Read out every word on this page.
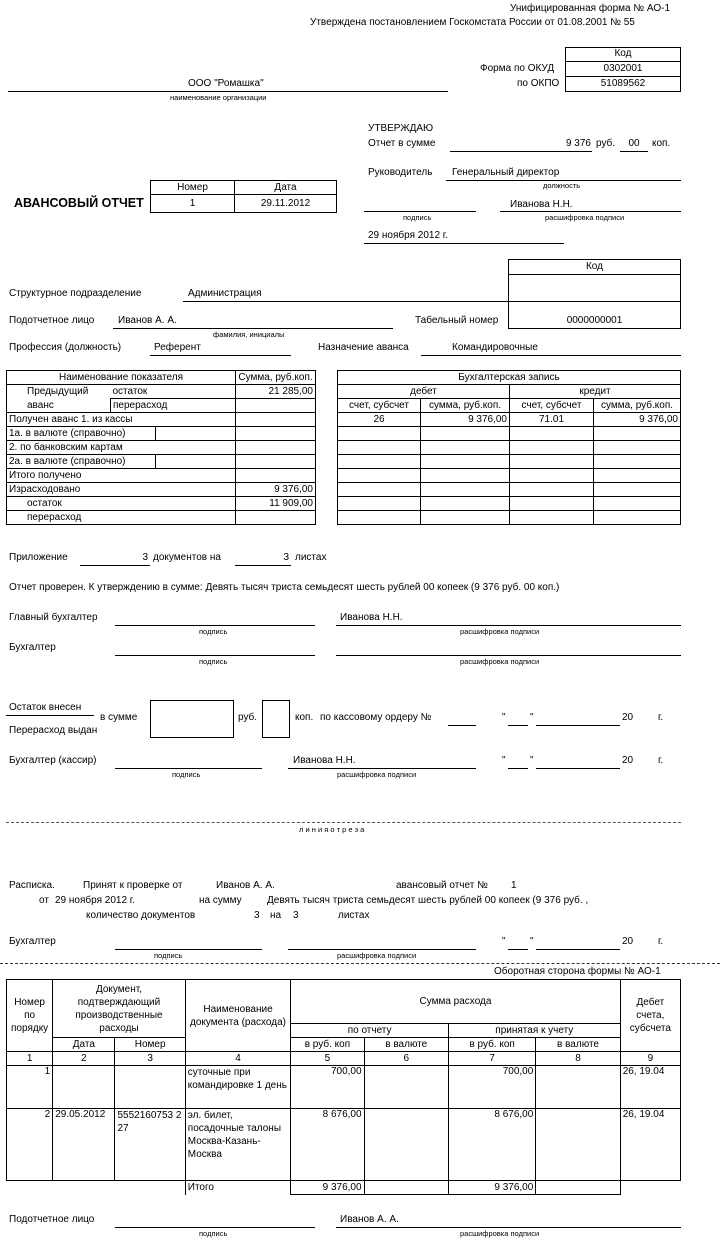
Унифицированная форма № АО-1
Утверждена постановлением Госкомстата России от 01.08.2001 № 55
Код
Форма по ОКУД	0302001
по ОКПО	51089562
ООО "Ромашка"
наименование организации
УТВЕРЖДАЮ
Отчет в сумме	9 376 руб.	00	коп.
Руководитель Генеральный директор
должность
Иванова Н.Н.
подпись	расшифровка подписи
29 ноября 2012 г.
АВАНСОВЫЙ ОТЧЕТ
Номер	Дата
1	29.11.2012
Код
Структурное подразделение	Администрация
Подотчетное лицо Иванов А. А.
фамилия, инициалы
Табельный номер	0000000001
Профессия (должность)	Референт	Назначение аванса	Командировочные
Наименование показателя			Сумма, руб.коп.
Предыдущий	остаток		21 285,00
аванс	перерасход		
Получен аванс 1. из кассы			
1а. в валюте (справочно)			
2. по банковским картам			
2а. в валюте (справочно)			
Итого получено			
Израсходовано			9 376,00
остаток			11 909,00
перерасход			
Бухгалтерская запись			
дебет		кредит	
счет, субсчет	сумма, руб.коп.	счет, субсчет	сумма, руб.коп.
26	9 376,00	71.01	9 376,00

Приложение	3 документов на	3 листах
Отчет проверен. К утверждению в сумме: Девять тысяч триста семьдесят шесть рублей 00 копеек (9 376 руб. 00 коп.)
Главный бухгалтер	Иванова Н.Н.
подпись	расшифровка подписи
Бухгалтер
подпись	расшифровка подписи
Остаток внесен
Перерасход выдан
в сумме	руб.	коп. по кассовому ордеру №	" "	20 г.
Бухгалтер (кассир)	Иванова Н.Н.
подпись	расшифровка подписи
" "	20 г.
л и н и я о т р е з а
Расписка.	Принят к проверке от	Иванов А. А.	авансовый отчет № 1
от 29 ноября 2012 г.	на сумму	Девять тысяч триста семьдесят шесть рублей 00 копеек (9 376 руб. ,
количество документов	3 на 3	листах
Бухгалтер
подпись	расшифровка подписи
" "	20 г.
Оборотная сторона формы № АО-1
Номер по порядку	Документ, подтверждающий производственные расходы		Наименование документа (расхода)	Сумма расхода				Дебет счета, субсчета
				по отчету		принятая к учету		
	Дата	Номер		в руб. коп	в валюте	в руб. коп	в валюте	
1	2	3	4	5	6	7	8	9
1			суточные при командировке 1 день	700,00		700,00		26, 19.04
2	29.05.2012	5552160753 227	эл. билет, посадочные талоны Москва-Казань-Москва	8 676,00		8 676,00		26, 19.04
			Итого	9 376,00		9 376,00		
Подотчетное лицо	Иванов А. А.
подпись	расшифровка подписи
